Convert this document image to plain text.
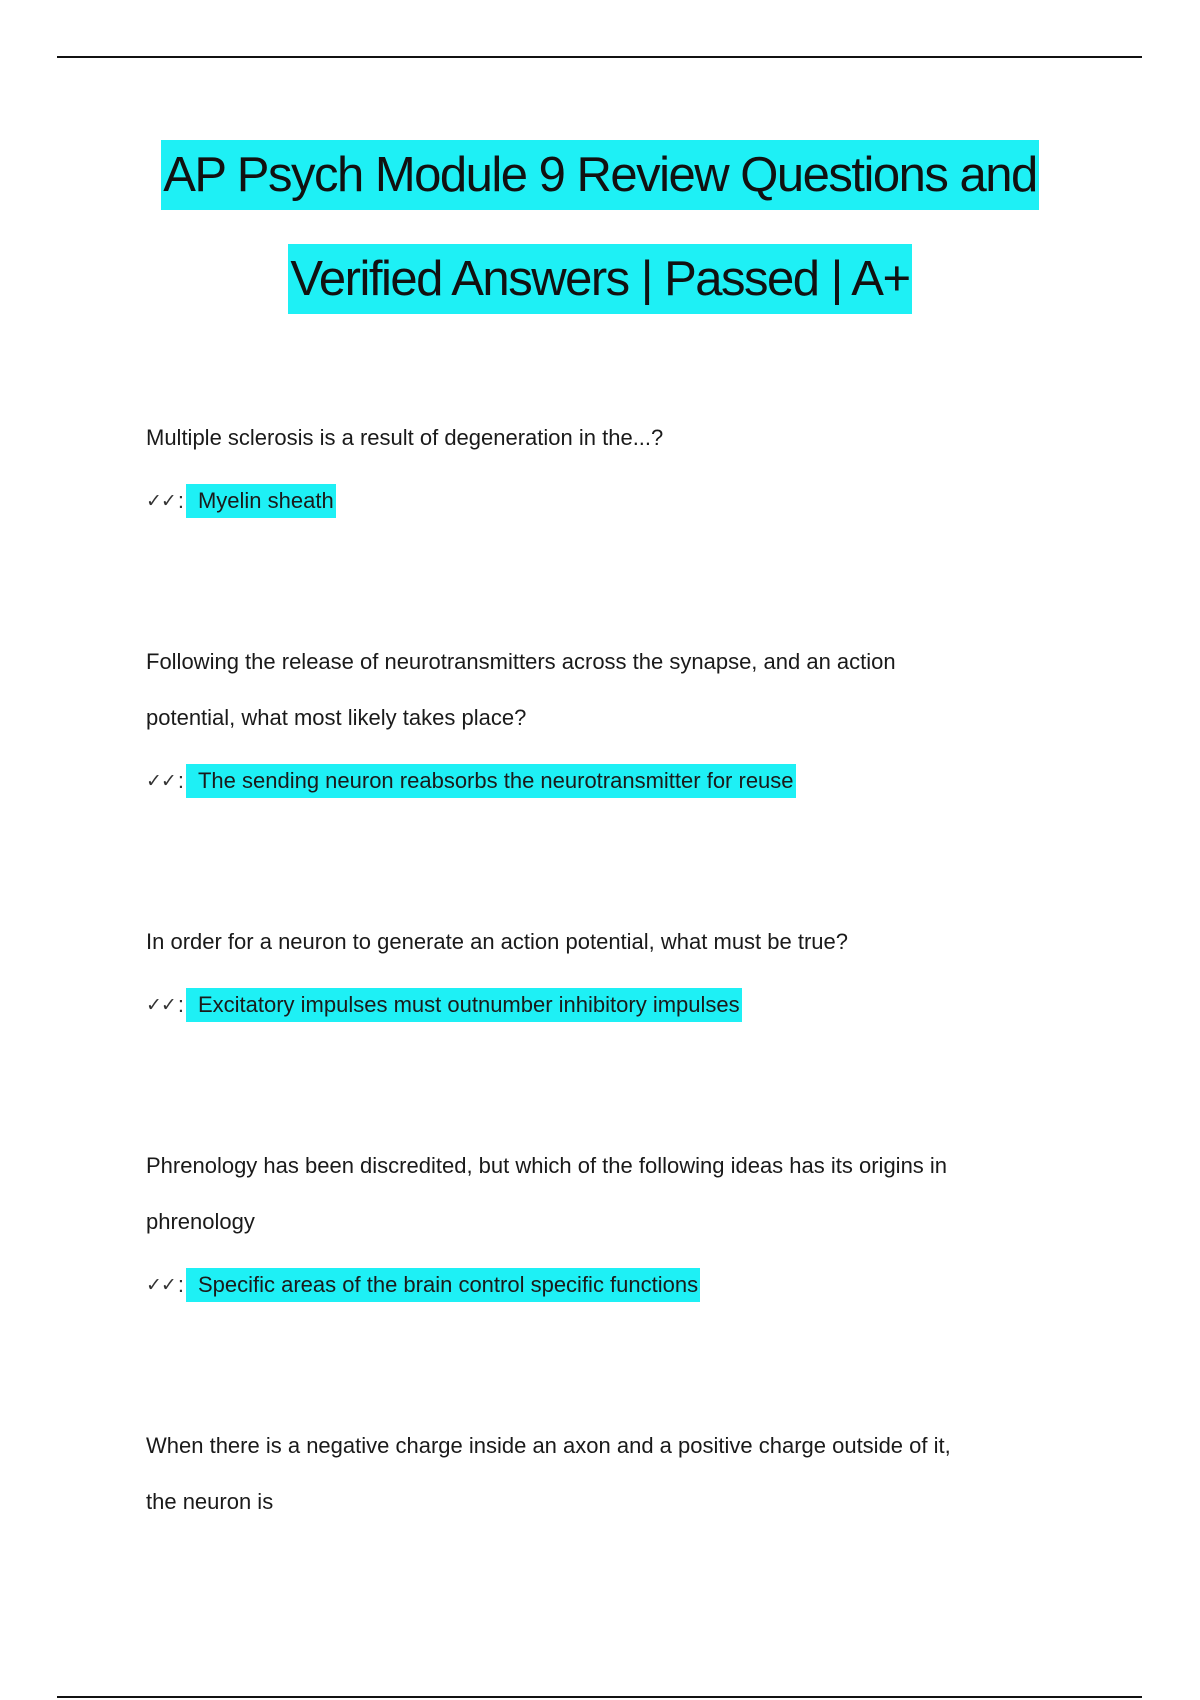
AP Psych Module 9 Review Questions and
Verified Answers | Passed | A+

Multiple sclerosis is a result of degeneration in the...?

✓✓ : Myelin sheath

Following the release of neurotransmitters across the synapse, and an action

potential, what most likely takes place?

✓✓ : The sending neuron reabsorbs the neurotransmitter for reuse

In order for a neuron to generate an action potential, what must be true?

✓✓ : Excitatory impulses must outnumber inhibitory impulses

Phrenology has been discredited, but which of the following ideas has its origins in

phrenology

✓✓ : Specific areas of the brain control specific functions

When there is a negative charge inside an axon and a positive charge outside of it,

the neuron is
